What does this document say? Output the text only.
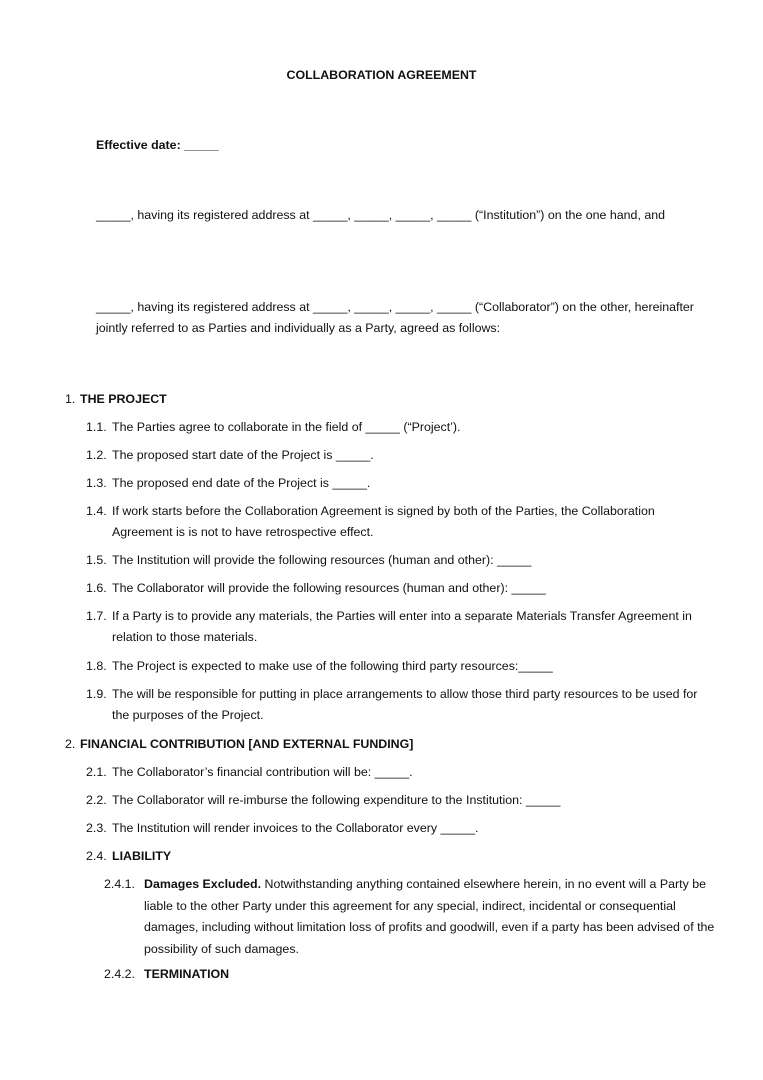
COLLABORATION AGREEMENT
Effective date: _____
_____, having its registered address at _____, _____, _____, _____ (“Institution”) on the one hand, and
_____, having its registered address at _____, _____, _____, _____ (“Collaborator”) on the other, hereinafter jointly referred to as Parties and individually as a Party, agreed as follows:
1. THE PROJECT
1.1. The Parties agree to collaborate in the field of _____ (“Project’).
1.2. The proposed start date of the Project is _____.
1.3. The proposed end date of the Project is _____.
1.4. If work starts before the Collaboration Agreement is signed by both of the Parties, the Collaboration Agreement is is not to have retrospective effect.
1.5. The Institution will provide the following resources (human and other): _____
1.6. The Collaborator will provide the following resources (human and other): _____
1.7. If a Party is to provide any materials, the Parties will enter into a separate Materials Transfer Agreement in relation to those materials.
1.8. The Project is expected to make use of the following third party resources:_____
1.9. The will be responsible for putting in place arrangements to allow those third party resources to be used for the purposes of the Project.
2. FINANCIAL CONTRIBUTION [AND EXTERNAL FUNDING]
2.1. The Collaborator’s financial contribution will be: _____.
2.2. The Collaborator will re-imburse the following expenditure to the Institution: _____
2.3. The Institution will render invoices to the Collaborator every _____.
2.4. LIABILITY
2.4.1. Damages Excluded. Notwithstanding anything contained elsewhere herein, in no event will a Party be liable to the other Party under this agreement for any special, indirect, incidental or consequential damages, including without limitation loss of profits and goodwill, even if a party has been advised of the possibility of such damages.
2.4.2. TERMINATION
